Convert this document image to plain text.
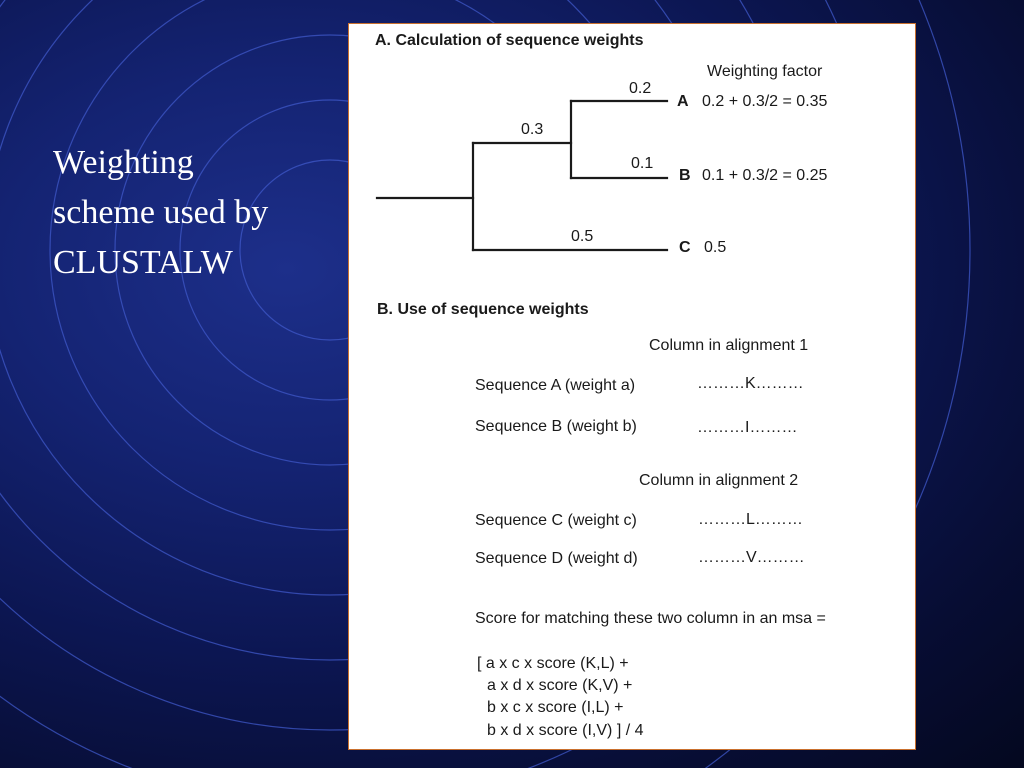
Weighting
scheme used by
CLUSTALW
A. Calculation of sequence weights
Weighting factor
0.2
0.3
0.1
0.5
A 0.2 + 0.3/2 = 0.35
B 0.1 + 0.3/2 = 0.25
C 0.5
B. Use of sequence weights
Column in alignment 1
Sequence A (weight a)	………K………
Sequence B (weight b)	………I………
Column in alignment 2
Sequence C (weight c)	………L………
Sequence D (weight d)	………V………
Score for matching these two column in an msa =
[ a x c x score (K,L) +
a x d x score (K,V) +
b x c x score (I,L) +
b x d x score (I,V) ] / 4
